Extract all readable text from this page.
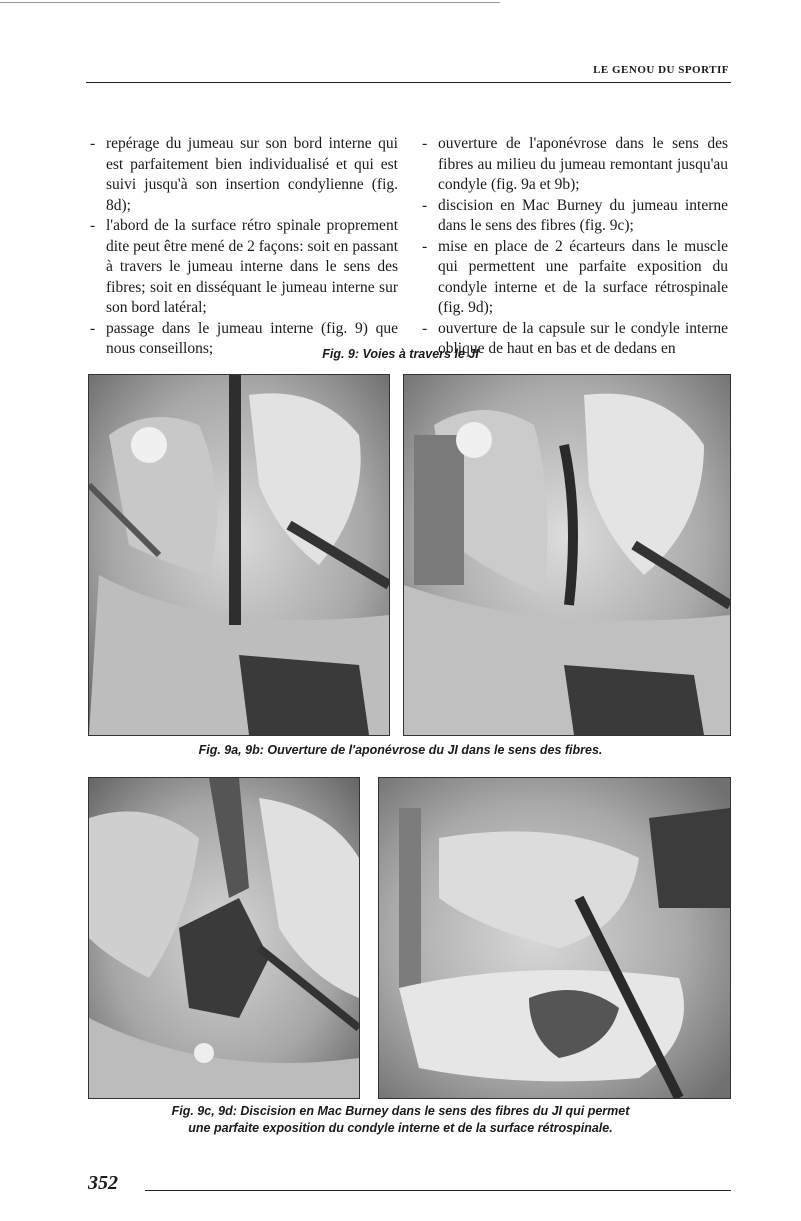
LE GENOU DU SPORTIF
- repérage du jumeau sur son bord interne qui est parfaitement bien individualisé et qui est suivi jusqu'à son insertion condylienne (fig. 8d);
- l'abord de la surface rétro spinale proprement dite peut être mené de 2 façons: soit en passant à travers le jumeau interne dans le sens des fibres; soit en disséquant le jumeau interne sur son bord latéral;
- passage dans le jumeau interne (fig. 9) que nous conseillons;
- ouverture de l'aponévrose dans le sens des fibres au milieu du jumeau remontant jusqu'au condyle (fig. 9a et 9b);
- discision en Mac Burney du jumeau interne dans le sens des fibres (fig. 9c);
- mise en place de 2 écarteurs dans le muscle qui permettent une parfaite exposition du condyle interne et de la surface rétrospinale (fig. 9d);
- ouverture de la capsule sur le condyle interne oblique de haut en bas et de dedans en
Fig. 9: Voies à travers le JI
Fig. 9a, 9b: Ouverture de l'aponévrose du JI dans le sens des fibres.
Fig. 9c, 9d: Discision en Mac Burney dans le sens des fibres du JI qui permet
une parfaite exposition du condyle interne et de la surface rétrospinale.
352
